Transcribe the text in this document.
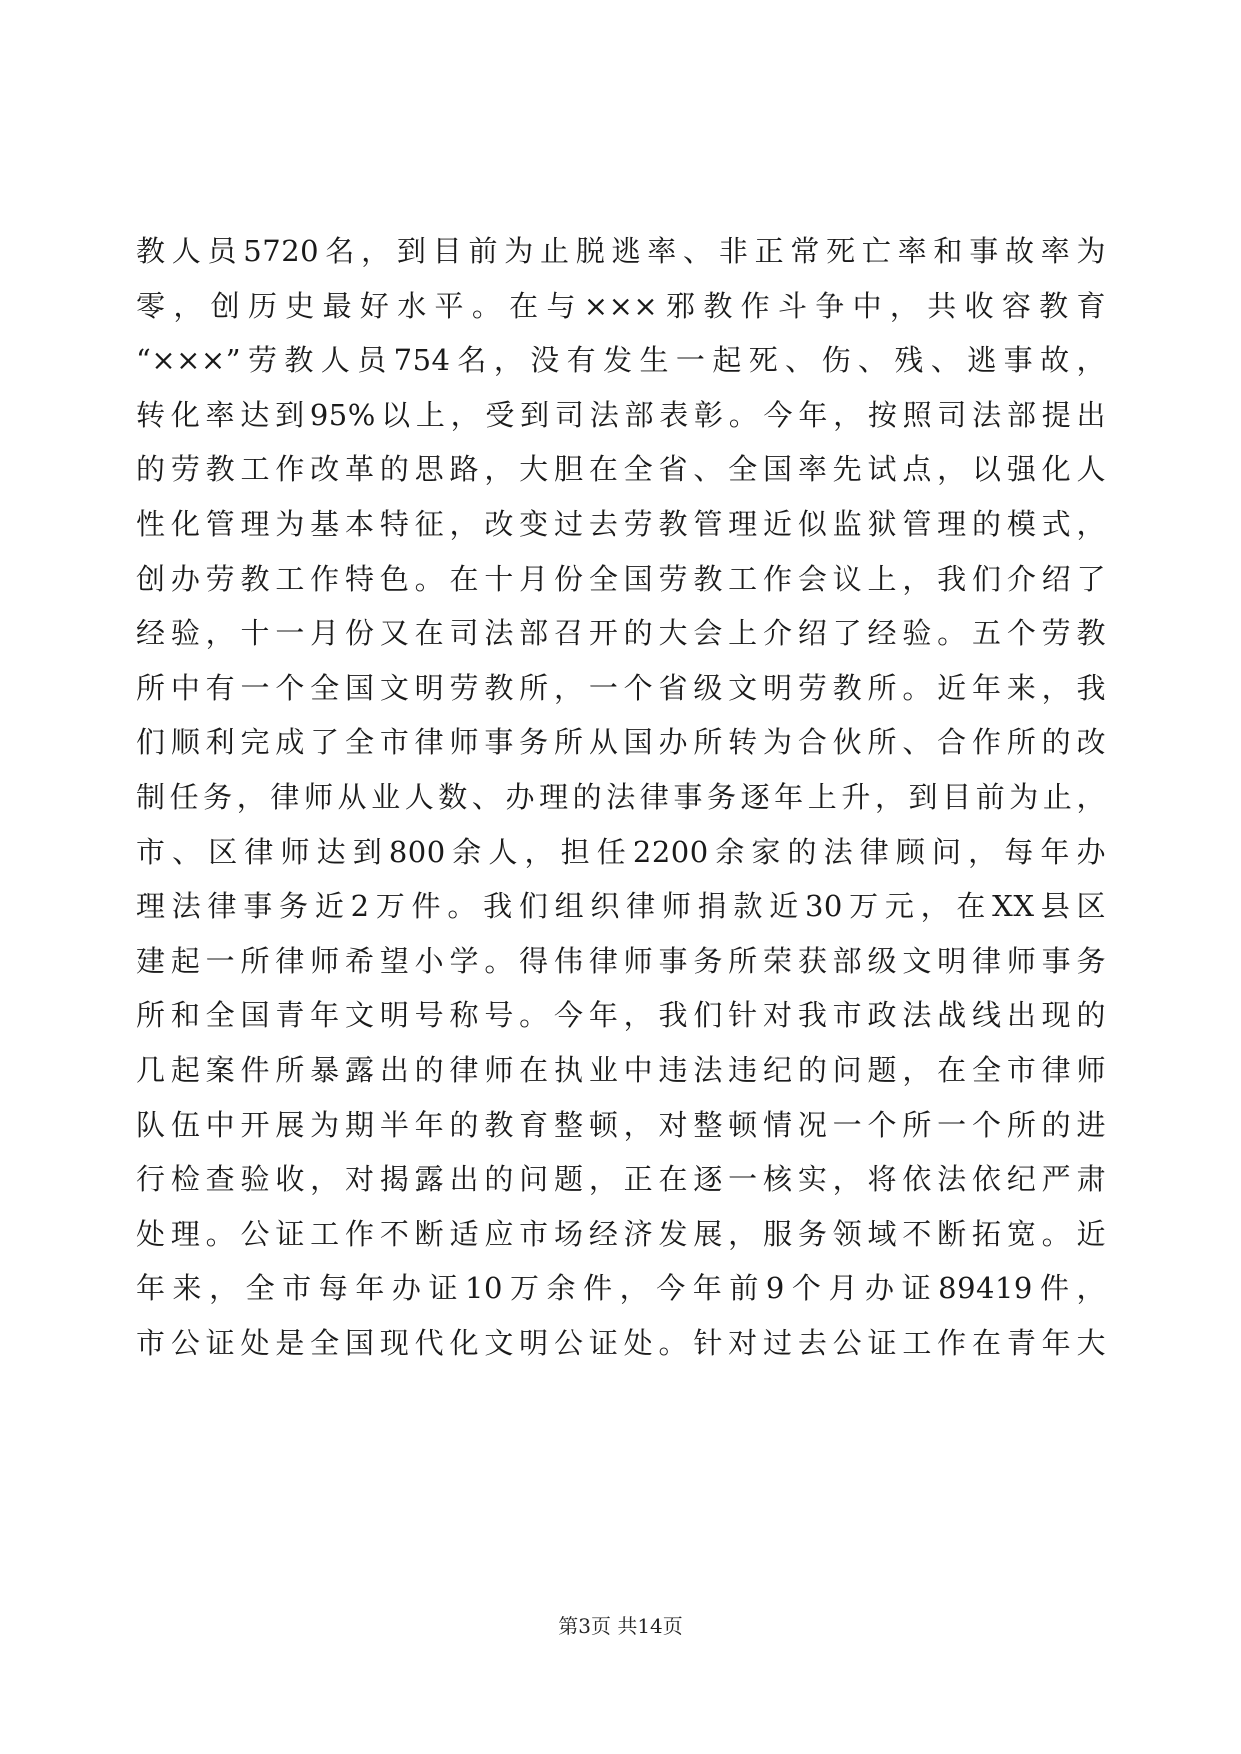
教人员5720名，到目前为止脱逃率、非正常死亡率和事故率为
零，创历史最好水平。在与×××邪教作斗争中，共收容教育
“×××”劳教人员754名，没有发生一起死、伤、残、逃事故，
转化率达到95%以上，受到司法部表彰。今年，按照司法部提出
的劳教工作改革的思路，大胆在全省、全国率先试点，以强化人
性化管理为基本特征，改变过去劳教管理近似监狱管理的模式，
创办劳教工作特色。在十月份全国劳教工作会议上，我们介绍了
经验，十一月份又在司法部召开的大会上介绍了经验。五个劳教
所中有一个全国文明劳教所，一个省级文明劳教所。近年来，我
们顺利完成了全市律师事务所从国办所转为合伙所、合作所的改
制任务，律师从业人数、办理的法律事务逐年上升，到目前为止，
市、区律师达到800余人，担任2200余家的法律顾问，每年办
理法律事务近2万件。我们组织律师捐款近30万元，在XX县区
建起一所律师希望小学。得伟律师事务所荣获部级文明律师事务
所和全国青年文明号称号。今年，我们针对我市政法战线出现的
几起案件所暴露出的律师在执业中违法违纪的问题，在全市律师
队伍中开展为期半年的教育整顿，对整顿情况一个所一个所的进
行检查验收，对揭露出的问题，正在逐一核实，将依法依纪严肃
处理。公证工作不断适应市场经济发展，服务领域不断拓宽。近
年来，全市每年办证10万余件，今年前9个月办证89419件，
市公证处是全国现代化文明公证处。针对过去公证工作在青年大
第3页 共14页
